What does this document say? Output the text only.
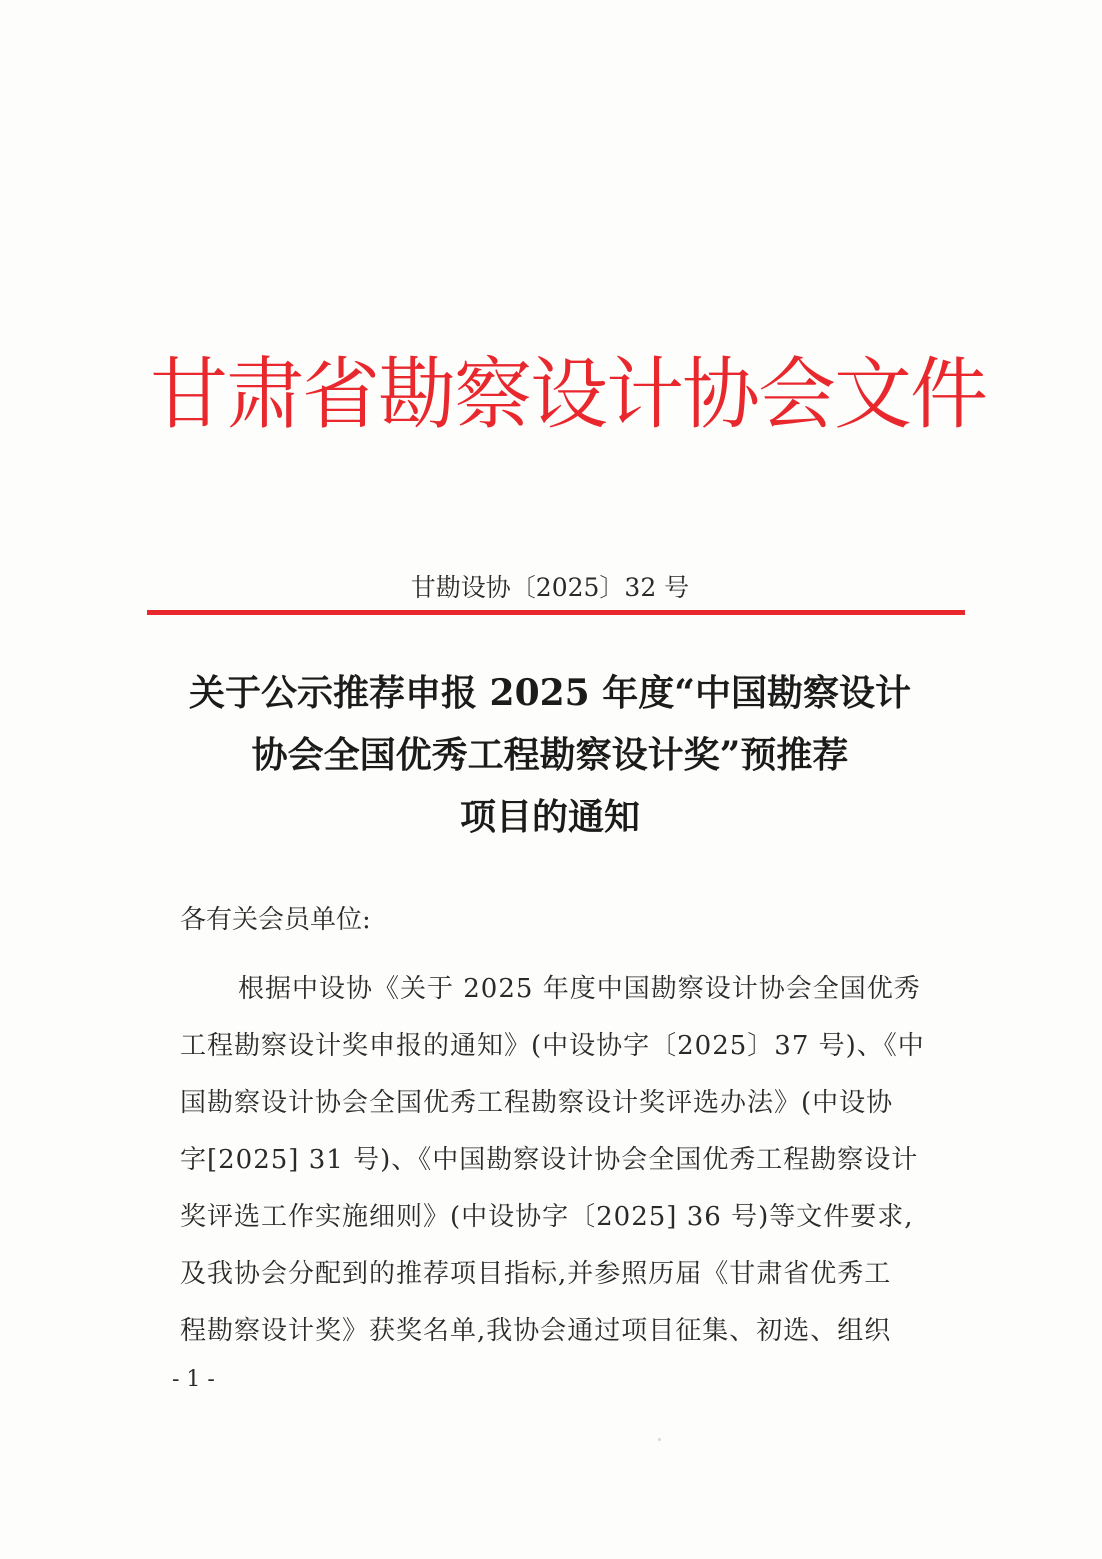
甘肃省勘察设计协会文件
甘勘设协〔2025〕32 号
关于公示推荐申报 2025 年度“中国勘察设计
协会全国优秀工程勘察设计奖”预推荐
项目的通知
各有关会员单位:
根据中设协《关于 2025 年度中国勘察设计协会全国优秀
工程勘察设计奖申报的通知》(中设协字〔2025〕37 号)、《中
国勘察设计协会全国优秀工程勘察设计奖评选办法》(中设协
字[2025] 31 号)、《中国勘察设计协会全国优秀工程勘察设计
奖评选工作实施细则》(中设协字〔2025] 36 号)等文件要求,
及我协会分配到的推荐项目指标,并参照历届《甘肃省优秀工
程勘察设计奖》获奖名单,我协会通过项目征集、初选、组织
- 1 -
